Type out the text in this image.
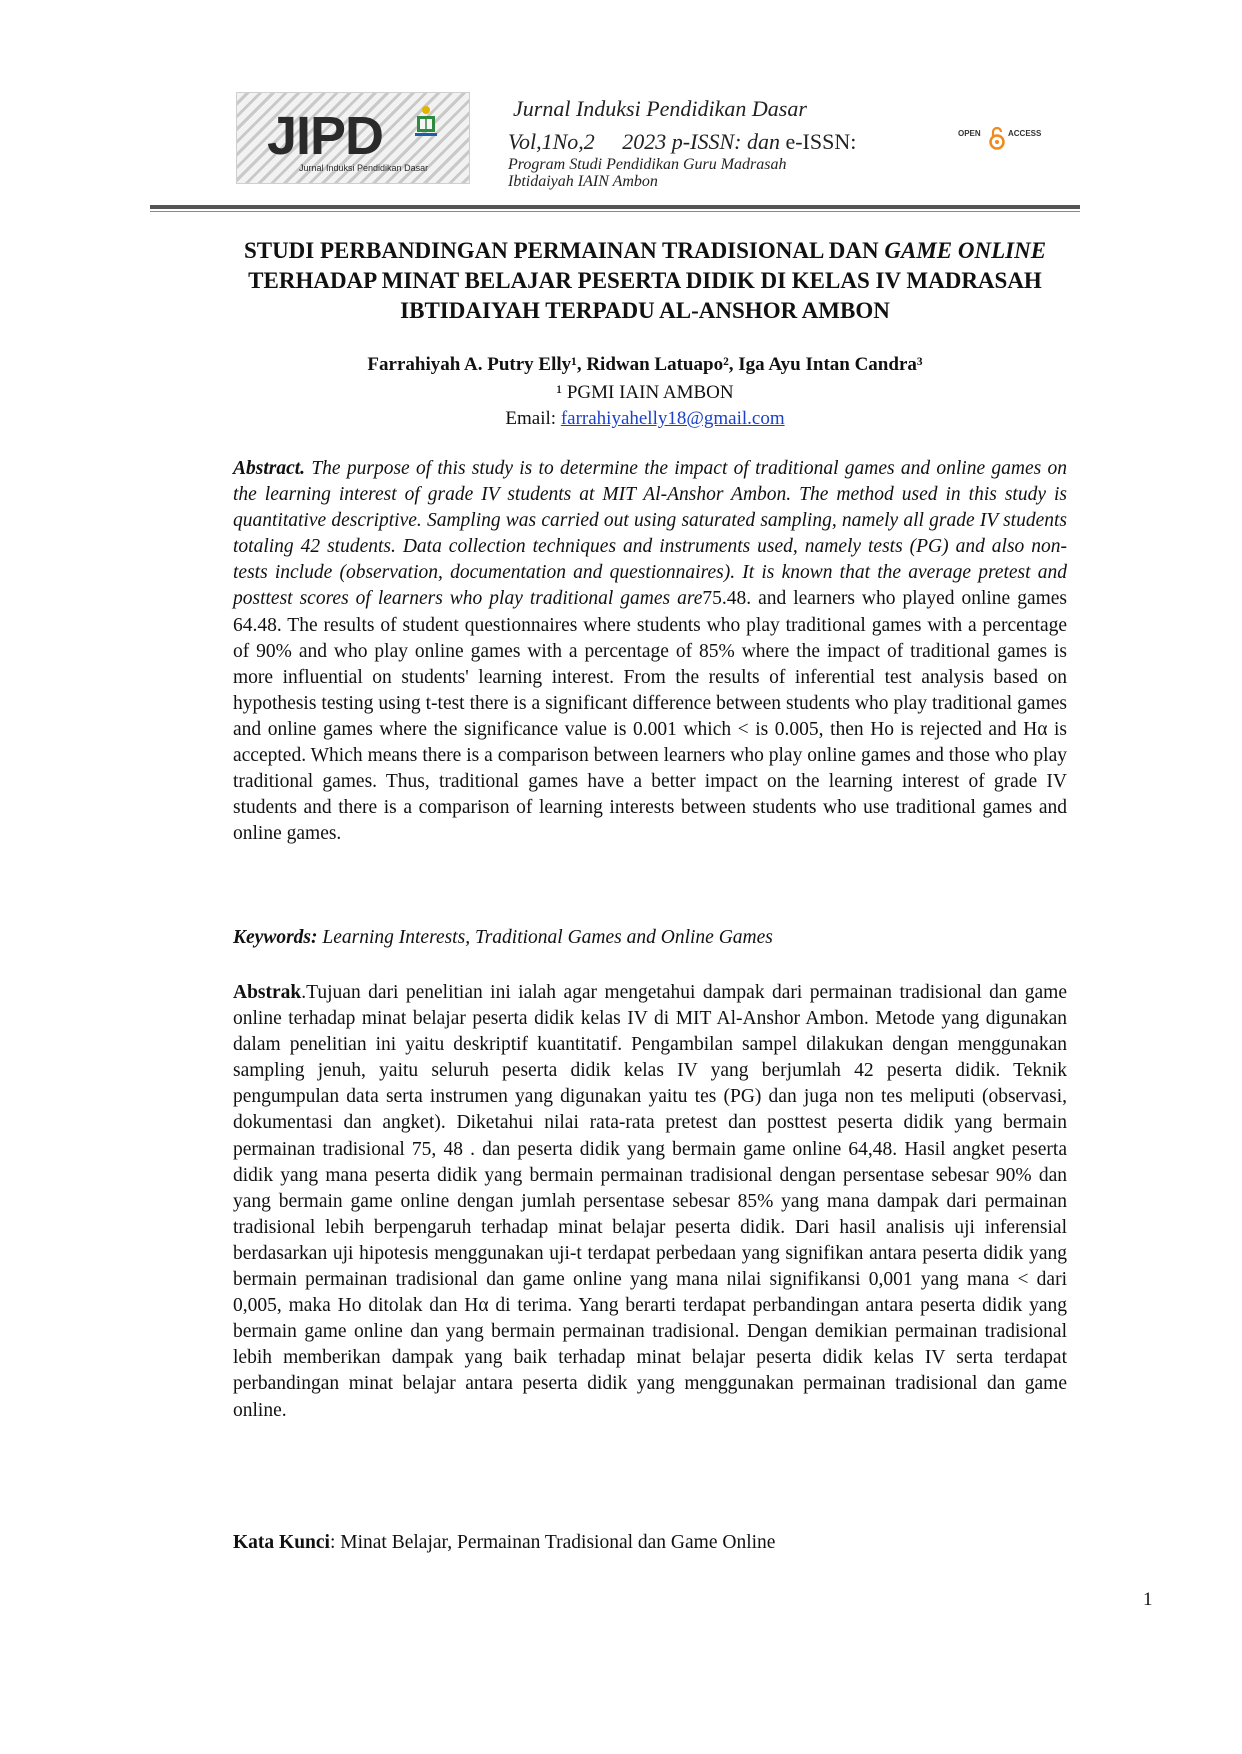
JIPD
Jurnal Induksi Pendidikan Dasar
Jurnal Induksi Pendidikan Dasar
Vol,1No,2     2023 p-ISSN: dan e-ISSN:
Program Studi Pendidikan Guru Madrasah
Ibtidaiyah IAIN Ambon
OPEN	ACCESS
STUDI PERBANDINGAN PERMAINAN TRADISIONAL DAN GAME ONLINE TERHADAP MINAT BELAJAR PESERTA DIDIK DI KELAS IV MADRASAH IBTIDAIYAH TERPADU AL-ANSHOR AMBON
Farrahiyah A. Putry Elly¹, Ridwan Latuapo², Iga Ayu Intan Candra³
¹ PGMI IAIN AMBON
Email: farrahiyahelly18@gmail.com
Abstract. The purpose of this study is to determine the impact of traditional games and online games on the learning interest of grade IV students at MIT Al-Anshor Ambon. The method used in this study is quantitative descriptive. Sampling was carried out using saturated sampling, namely all grade IV students totaling 42 students. Data collection techniques and instruments used, namely tests (PG) and also non-tests include (observation, documentation and questionnaires). It is known that the average pretest and posttest scores of learners who play traditional games are75.48. and learners who played online games 64.48. The results of student questionnaires where students who play traditional games with a percentage of 90% and who play online games with a percentage of 85% where the impact of traditional games is more influential on students' learning interest. From the results of inferential test analysis based on hypothesis testing using t-test there is a significant difference between students who play traditional games and online games where the significance value is 0.001 which < is 0.005, then Ho is rejected and Hα is accepted. Which means there is a comparison between learners who play online games and those who play traditional games. Thus, traditional games have a better impact on the learning interest of grade IV students and there is a comparison of learning interests between students who use traditional games and online games.
Keywords: Learning Interests, Traditional Games and Online Games
Abstrak.Tujuan dari penelitian ini ialah agar mengetahui dampak dari permainan tradisional dan game online terhadap minat belajar peserta didik kelas IV di MIT Al-Anshor Ambon. Metode yang digunakan dalam penelitian ini yaitu deskriptif kuantitatif. Pengambilan sampel dilakukan dengan menggunakan sampling jenuh, yaitu seluruh peserta didik kelas IV yang berjumlah 42 peserta didik. Teknik pengumpulan data serta instrumen yang digunakan yaitu tes (PG) dan juga non tes meliputi (observasi, dokumentasi dan angket). Diketahui nilai rata-rata pretest dan posttest peserta didik yang bermain permainan tradisional 75, 48 . dan peserta didik yang bermain game online 64,48. Hasil angket peserta didik yang mana peserta didik yang bermain permainan tradisional dengan persentase sebesar 90% dan yang bermain game online dengan jumlah persentase sebesar 85% yang mana dampak dari permainan tradisional lebih berpengaruh terhadap minat belajar peserta didik. Dari hasil analisis uji inferensial berdasarkan uji hipotesis menggunakan uji-t terdapat perbedaan yang signifikan antara peserta didik yang bermain permainan tradisional dan game online yang mana nilai signifikansi 0,001 yang mana < dari 0,005, maka Ho ditolak dan Hα di terima. Yang berarti terdapat perbandingan antara peserta didik yang bermain game online dan yang bermain permainan tradisional. Dengan demikian permainan tradisional lebih memberikan dampak yang baik terhadap minat belajar peserta didik kelas IV serta terdapat perbandingan minat belajar antara peserta didik yang menggunakan permainan tradisional dan game online.
Kata Kunci: Minat Belajar, Permainan Tradisional dan Game Online
1
